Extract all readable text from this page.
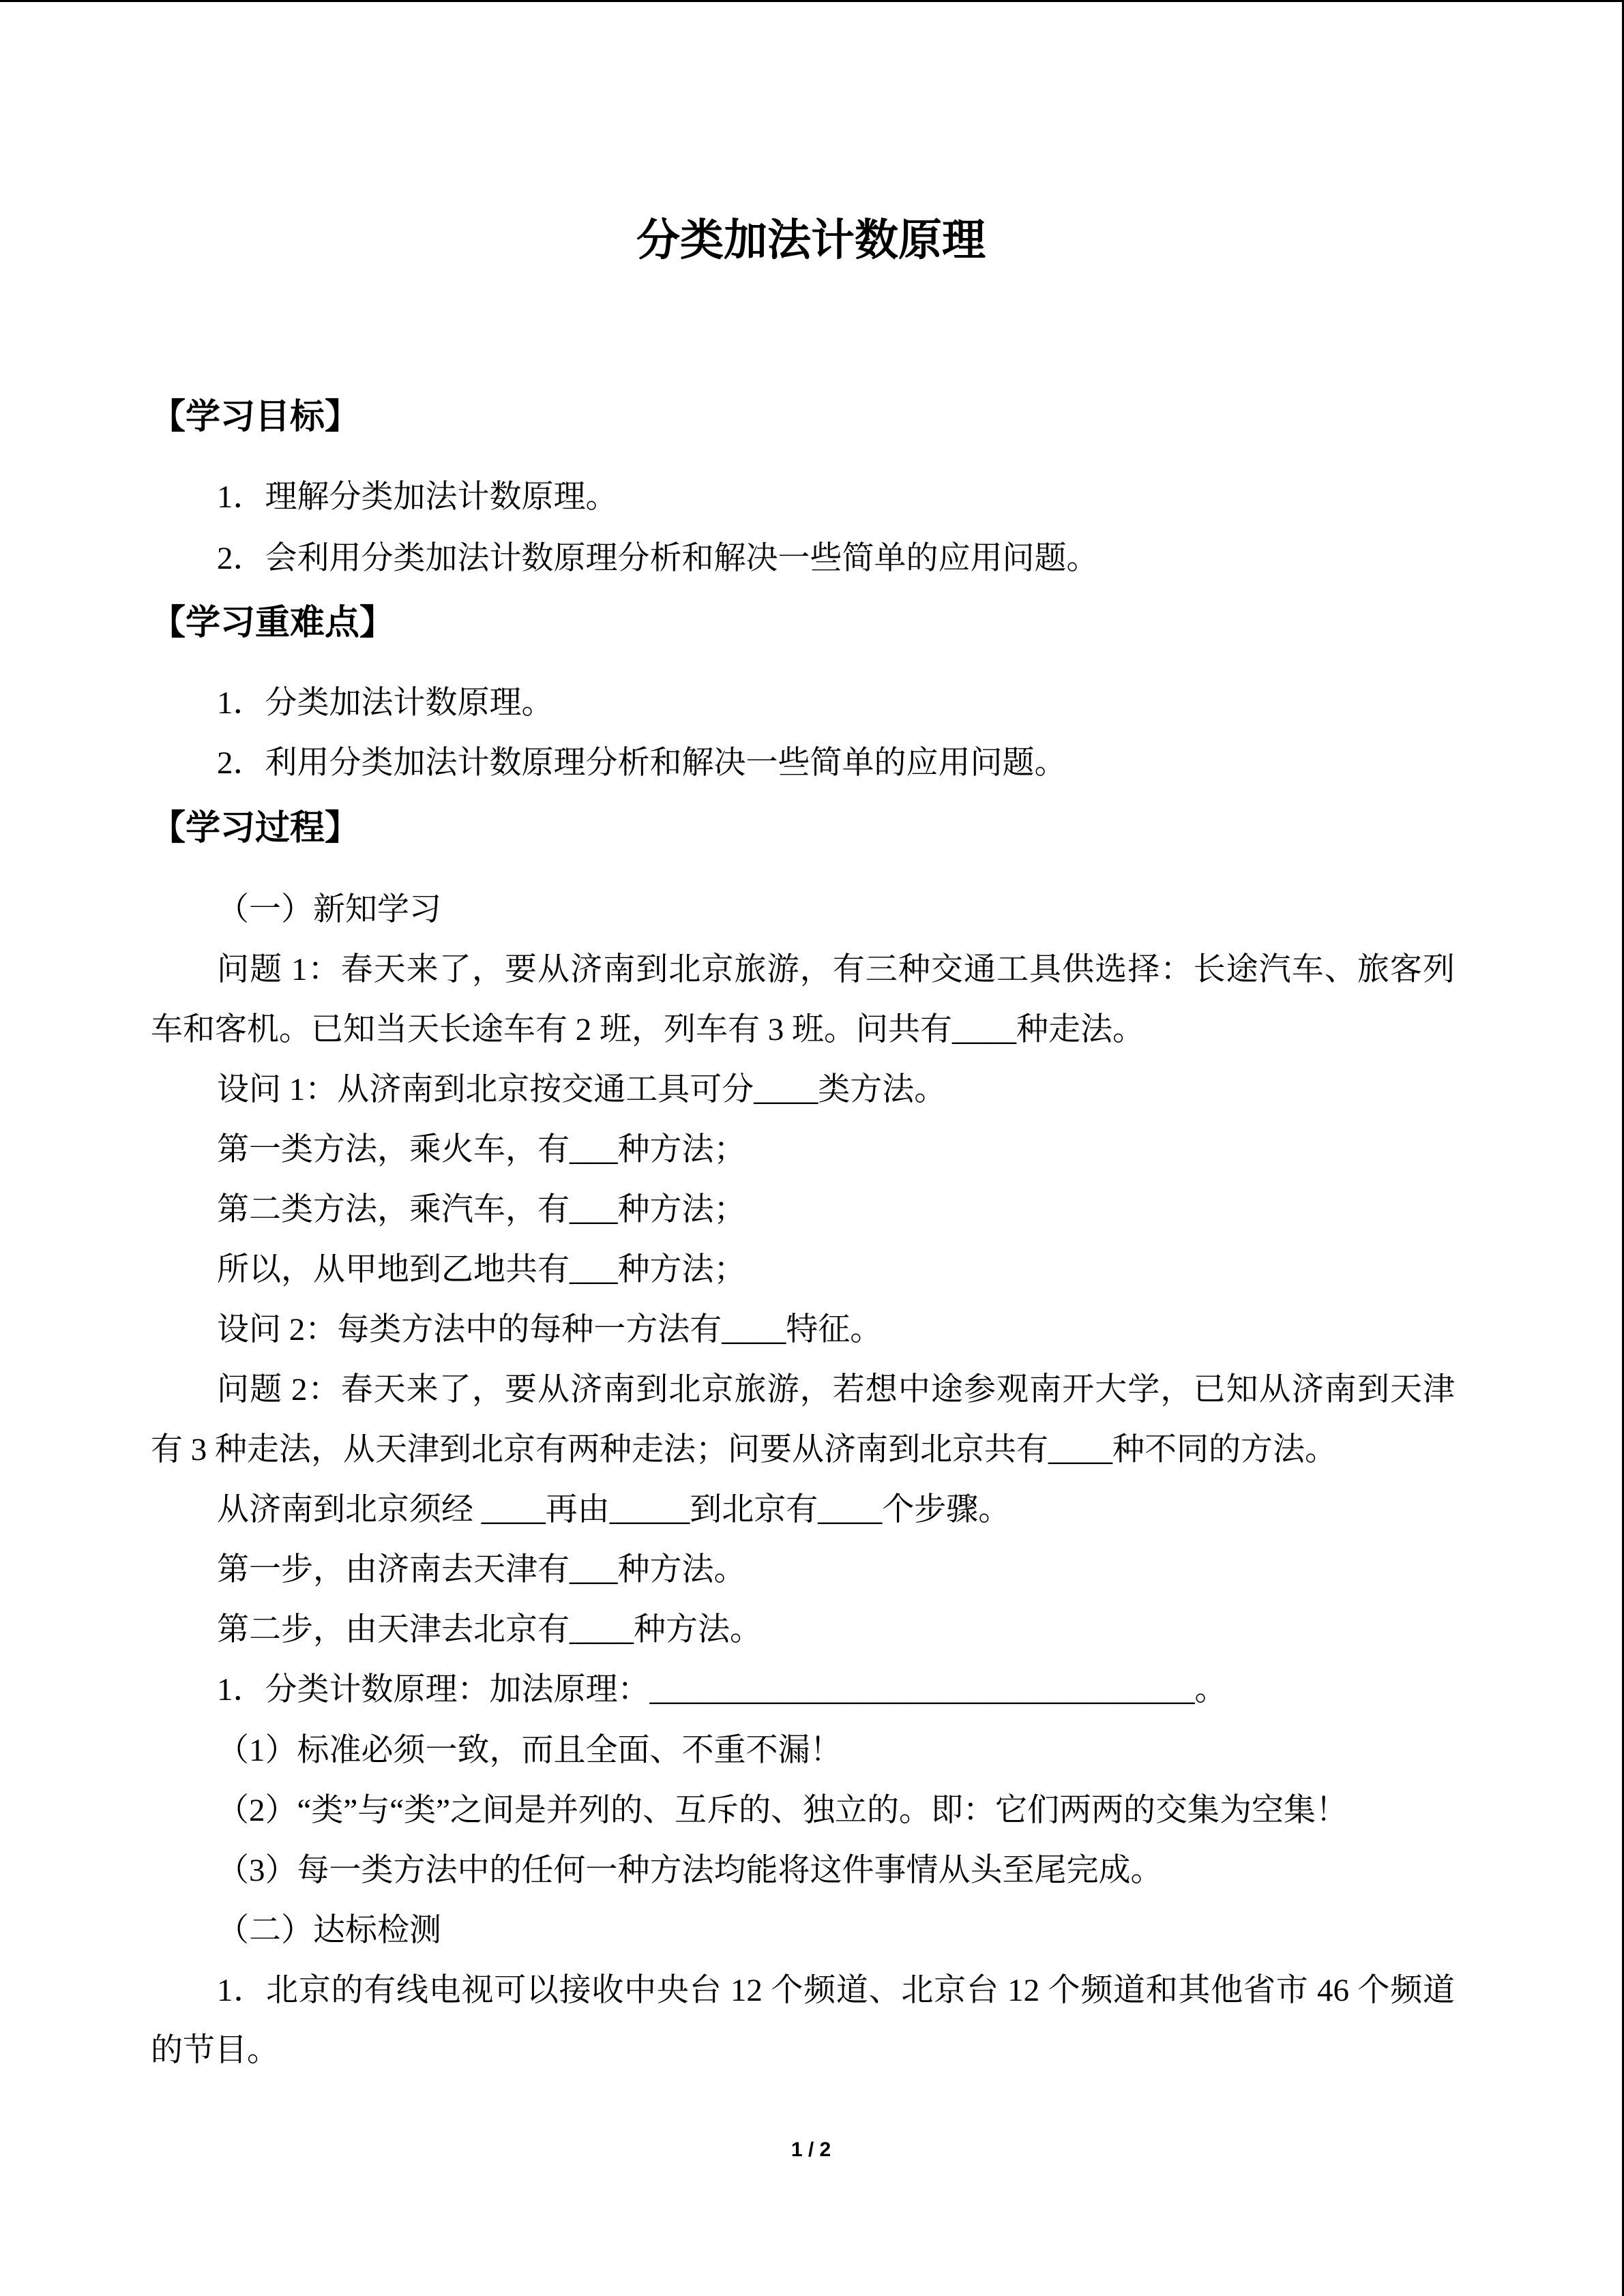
分类加法计数原理
【学习目标】
1．理解分类加法计数原理。
2．会利用分类加法计数原理分析和解决一些简单的应用问题。
【学习重难点】
1．分类加法计数原理。
2．利用分类加法计数原理分析和解决一些简单的应用问题。
【学习过程】
（一）新知学习
问题 1：春天来了，要从济南到北京旅游，有三种交通工具供选择：长途汽车、旅客列
车和客机。已知当天长途车有 2 班，列车有 3 班。问共有____种走法。
设问 1：从济南到北京按交通工具可分____类方法。
第一类方法，乘火车，有___种方法；
第二类方法，乘汽车，有___种方法；
所以，从甲地到乙地共有___种方法；
设问 2：每类方法中的每种一方法有____特征。
问题 2：春天来了，要从济南到北京旅游，若想中途参观南开大学，已知从济南到天津
有 3 种走法，从天津到北京有两种走法；问要从济南到北京共有____种不同的方法。
从济南到北京须经 ____再由_____到北京有____个步骤。
第一步，由济南去天津有___种方法。
第二步，由天津去北京有____种方法。
1．分类计数原理：加法原理：__________________________________。
（1）标准必须一致，而且全面、不重不漏！
（2）“类”与“类”之间是并列的、互斥的、独立的。即：它们两两的交集为空集！
（3）每一类方法中的任何一种方法均能将这件事情从头至尾完成。
（二）达标检测
1．北京的有线电视可以接收中央台 12 个频道、北京台 12 个频道和其他省市 46 个频道
的节目。
1 / 2
